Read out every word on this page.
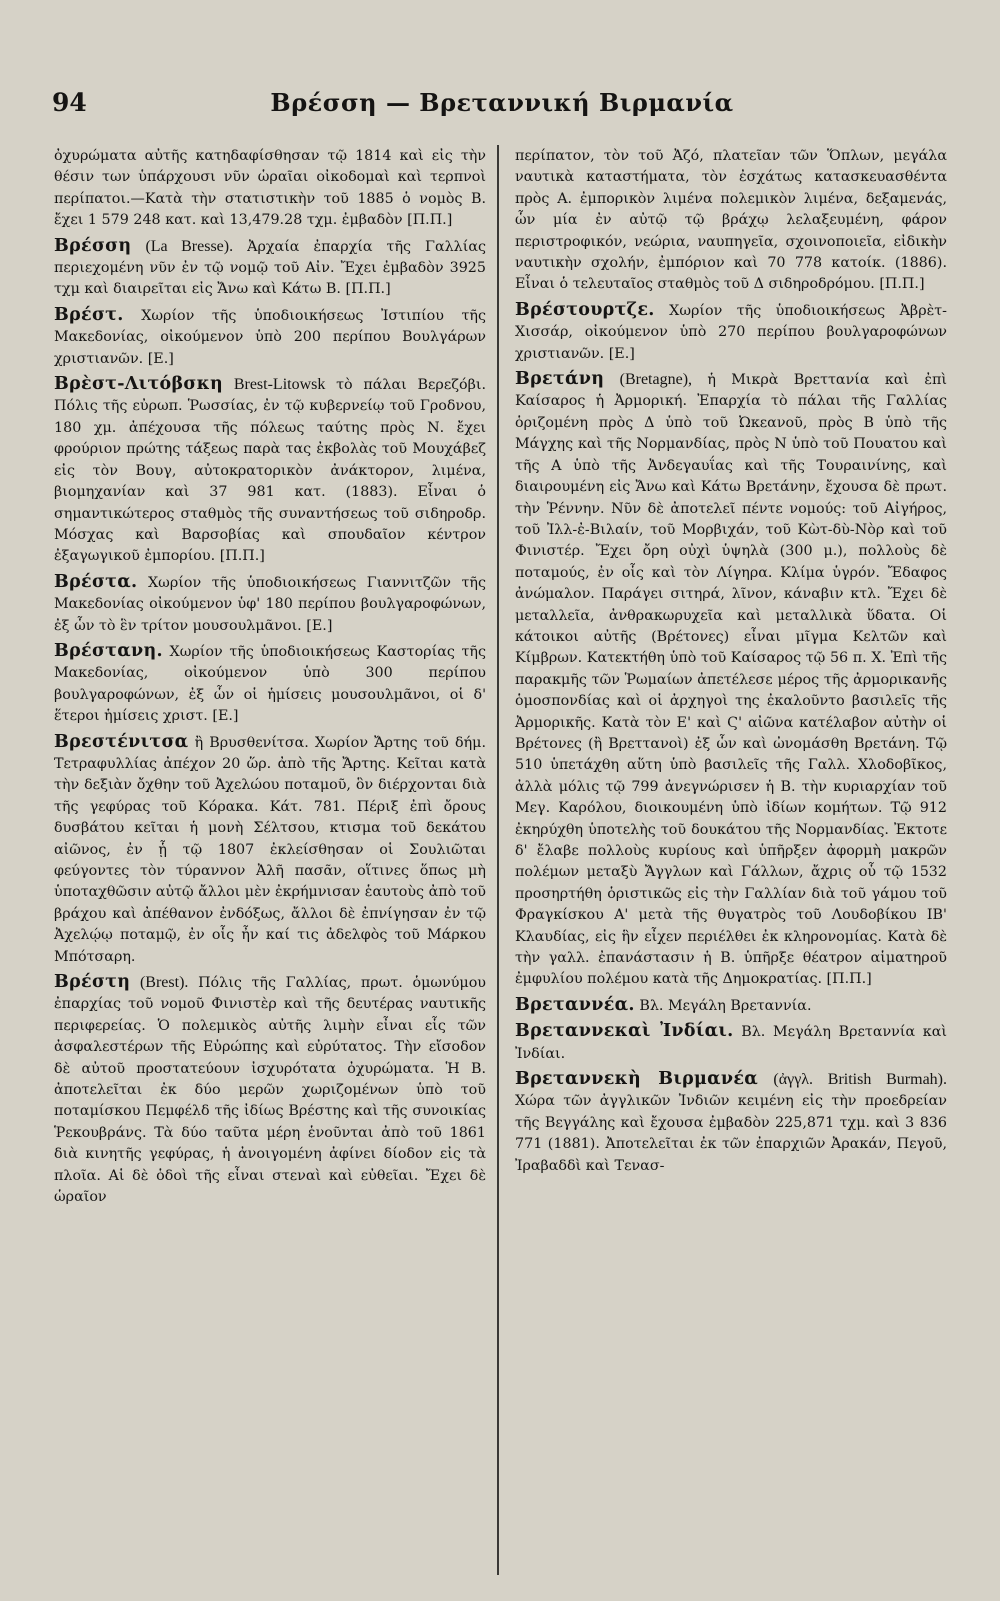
94	Βρέσση — Βρεταννική Βιρμανία

ὀχυρώματα αὐτῆς κατηδαφίσθησαν τῷ 1814 καὶ εἰς τὴν θέσιν των ὑπάρχουσι νῦν ὡραῖαι οἰκοδομαὶ καὶ τερπνοὶ περίπατοι.—Κατὰ τὴν στατιστικὴν τοῦ 1885 ὁ νομὸς Β. ἔχει 1 579 248 κατ. καὶ 13,479.28 τχμ. ἐμβαδὸν [Π.Π.]

Βρέσση (La Bresse). Ἀρχαία ἐπαρχία τῆς Γαλλίας περιεχομένη νῦν ἐν τῷ νομῷ τοῦ Αἰν. Ἔχει ἐμβαδὸν 3925 τχμ καὶ διαιρεῖται εἰς Ἄνω καὶ Κάτω Β. [Π.Π.]

Βρέστ. Χωρίον τῆς ὑποδιοικήσεως Ἰστιπίου τῆς Μακεδονίας, οἰκούμενον ὑπὸ 200 περίπου Βουλγάρων χριστιανῶν. [Ε.]

Βρὲστ-Λιτόβσκη Brest-Litowsk τὸ πάλαι Βερεζόβι. Πόλις τῆς εὐρωπ. Ῥωσσίας, ἐν τῷ κυβερνείῳ τοῦ Γροδνου, 180 χμ. ἀπέχουσα τῆς πόλεως ταύτης πρὸς Ν. ἔχει φρούριον πρώτης τάξεως παρὰ τας ἐκβολὰς τοῦ Μουχάβεζ εἰς τὸν Βουγ, αὐτοκρατορικὸν ἀνάκτορον, λιμένα, βιομηχανίαν καὶ 37 981 κατ. (1883). Εἶναι ὁ σημαντικώτερος σταθμὸς τῆς συναντήσεως τοῦ σιδηροδρ. Μόσχας καὶ Βαρσοβίας καὶ σπουδαῖον κέντρον ἐξαγωγικοῦ ἐμπορίου. [Π.Π.]

Βρέστα. Χωρίον τῆς ὑποδιοικήσεως Γιαννιτζῶν τῆς Μακεδονίας οἰκούμενον ὑφ' 180 περίπου βουλγαροφώνων, ἐξ ὧν τὸ ἓν τρίτον μουσουλμᾶνοι. [Ε.]

Βρέστανη. Χωρίον τῆς ὑποδιοικήσεως Καστορίας τῆς Μακεδονίας, οἰκούμενον ὑπὸ 300 περίπου βουλγαροφώνων, ἐξ ὧν οἱ ἡμίσεις μουσουλμᾶνοι, οἱ δ' ἕτεροι ἡμίσεις χριστ. [Ε.]

Βρεστένιτσα ἢ Βρυσθενίτσα. Χωρίον Ἄρτης τοῦ δήμ. Τετραφυλλίας ἀπέχον 20 ὥρ. ἀπὸ τῆς Ἄρτης. Κεῖται κατὰ τὴν δεξιὰν ὄχθην τοῦ Ἀχελώου ποταμοῦ, ὃν διέρχονται διὰ τῆς γεφύρας τοῦ Κόρακα. Κάτ. 781. Πέριξ ἐπὶ ὄρους δυσβάτου κεῖται ἡ μονὴ Σέλτσου, κτισμα τοῦ δεκάτου αἰῶνος, ἐν ᾗ τῷ 1807 ἐκλείσθησαν οἱ Σουλιῶται φεύγοντες τὸν τύραννον Ἀλῆ πασᾶν, οἵτινες ὅπως μὴ ὑποταχθῶσιν αὐτῷ ἄλλοι μὲν ἐκρήμνισαν ἑαυτοὺς ἀπὸ τοῦ βράχου καὶ ἀπέθανον ἐνδόξως, ἄλλοι δὲ ἐπνίγησαν ἐν τῷ Ἀχελῴῳ ποταμῷ, ἐν οἷς ἦν καί τις ἀδελφὸς τοῦ Μάρκου Μπότσαρη.

Βρέστη (Brest). Πόλις τῆς Γαλλίας, πρωτ. ὁμωνύμου ἐπαρχίας τοῦ νομοῦ Φινιστὲρ καὶ τῆς δευτέρας ναυτικῆς περιφερείας. Ὁ πολεμικὸς αὐτῆς λιμὴν εἶναι εἷς τῶν ἀσφαλεστέρων τῆς Εὐρώπης καὶ εὐρύτατος. Τὴν εἴσοδον δὲ αὐτοῦ προστατεύουν ἰσχυρότατα ὀχυρώματα. Ἡ Β. ἀποτελεῖται ἐκ δύο μερῶν χωριζομένων ὑπὸ τοῦ ποταμίσκου Πεμφέλδ τῆς ἰδίως Βρέστης καὶ τῆς συνοικίας Ῥεκουβράνς. Τὰ δύο ταῦτα μέρη ἑνοῦνται ἀπὸ τοῦ 1861 διὰ κινητῆς γεφύρας, ἡ ἀνοιγομένη ἀφίνει δίοδον εἰς τὰ πλοῖα. Αἱ δὲ ὁδοὶ τῆς εἶναι στεναὶ καὶ εὐθεῖαι. Ἔχει δὲ ὡραῖον

περίπατον, τὸν τοῦ Ἀζό, πλατεῖαν τῶν Ὅπλων, μεγάλα ναυτικὰ καταστήματα, τὸν ἐσχάτως κατασκευασθέντα πρὸς Α. ἐμπορικὸν λιμένα πολεμικὸν λιμένα, δεξαμενάς, ὧν μία ἐν αὐτῷ τῷ βράχῳ λελαξευμένη, φάρον περιστροφικόν, νεώρια, ναυπηγεῖα, σχοινοποιεῖα, εἰδικὴν ναυτικὴν σχολήν, ἐμπόριον καὶ 70 778 κατοίκ. (1886). Εἶναι ὁ τελευταῖος σταθμὸς τοῦ Δ σιδηροδρόμου. [Π.Π.]

Βρέστουρτζε. Χωρίον τῆς ὑποδιοικήσεως Ἀβρὲτ-Χισσάρ, οἰκούμενον ὑπὸ 270 περίπου βουλγαροφώνων χριστιανῶν. [Ε.]

Βρετάνη (Bretagne), ἡ Μικρὰ Βρεττανία καὶ ἐπὶ Καίσαρος ἡ Ἀρμορική. Ἐπαρχία τὸ πάλαι τῆς Γαλλίας ὁριζομένη πρὸς Δ ὑπὸ τοῦ Ὠκεανοῦ, πρὸς Β ὑπὸ τῆς Μάγχης καὶ τῆς Νορμανδίας, πρὸς Ν ὑπὸ τοῦ Πουατου καὶ τῆς Α ὑπὸ τῆς Ἀνδεγαυΐας καὶ τῆς Τουραινίνης, καὶ διαιρουμένη εἰς Ἄνω καὶ Κάτω Βρετάνην, ἔχουσα δὲ πρωτ. τὴν Ῥέννην. Νῦν δὲ ἀποτελεῖ πέντε νομούς: τοῦ Αἰγήρος, τοῦ Ἰλλ-ἐ-Βιλαίν, τοῦ Μορβιχάν, τοῦ Κὼτ-δὺ-Νὸρ καὶ τοῦ Φινιστέρ. Ἔχει ὄρη οὐχὶ ὑψηλὰ (300 μ.), πολλοὺς δὲ ποταμούς, ἐν οἷς καὶ τὸν Λίγηρα. Κλίμα ὑγρόν. Ἔδαφος ἀνώμαλον. Παράγει σιτηρά, λῖνον, κάναβιν κτλ. Ἔχει δὲ μεταλλεῖα, ἀνθρακωρυχεῖα καὶ μεταλλικὰ ὕδατα. Οἱ κάτοικοι αὐτῆς (Βρέτονες) εἶναι μῖγμα Κελτῶν καὶ Κίμβρων. Κατεκτήθη ὑπὸ τοῦ Καίσαρος τῷ 56 π. Χ. Ἐπὶ τῆς παρακμῆς τῶν Ῥωμαίων ἀπετέλεσε μέρος τῆς ἀρμορικανῆς ὁμοσπονδίας καὶ οἱ ἀρχηγοὶ της ἐκαλοῦντο βασιλεῖς τῆς Ἀρμορικῆς. Κατὰ τὸν Ε' καὶ Ϛ' αἰῶνα κατέλαβον αὐτὴν οἱ Βρέτονες (ἢ Βρεττανοὶ) ἐξ ὧν καὶ ὠνομάσθη Βρετάνη. Τῷ 510 ὑπετάχθη αὕτη ὑπὸ βασιλεῖς τῆς Γαλλ. Χλοδοβῖκος, ἀλλὰ μόλις τῷ 799 ἀνεγνώρισεν ἡ Β. τὴν κυριαρχίαν τοῦ Μεγ. Καρόλου, διοικουμένη ὑπὸ ἰδίων κομήτων. Τῷ 912 ἐκηρύχθη ὑποτελὴς τοῦ δουκάτου τῆς Νορμανδίας. Ἐκτοτε δ' ἔλαβε πολλοὺς κυρίους καὶ ὑπῆρξεν ἀφορμὴ μακρῶν πολέμων μεταξὺ Ἄγγλων καὶ Γάλλων, ἄχρις οὗ τῷ 1532 προσηρτήθη ὁριστικῶς εἰς τὴν Γαλλίαν διὰ τοῦ γάμου τοῦ Φραγκίσκου Α' μετὰ τῆς θυγατρὸς τοῦ Λουδοβίκου ΙΒ' Κλαυδίας, εἰς ἣν εἶχεν περιέλθει ἐκ κληρονομίας. Κατὰ δὲ τὴν γαλλ. ἐπανάστασιν ἡ Β. ὑπῆρξε θέατρον αἱματηροῦ ἐμφυλίου πολέμου κατὰ τῆς Δημοκρατίας. [Π.Π.]

Βρεταννέα. Βλ. Μεγάλη Βρεταννία.

Βρεταννεκαὶ Ἰνδίαι. Βλ. Μεγάλη Βρεταννία καὶ Ἰνδίαι.

Βρεταννεκὴ Βιρμανέα (ἀγγλ. British Burmah). Χώρα τῶν ἀγγλικῶν Ἰνδιῶν κειμένη εἰς τὴν προεδρείαν τῆς Βεγγάλης καὶ ἔχουσα ἐμβαδὸν 225,871 τχμ. καὶ 3 836 771 (1881). Ἀποτελεῖται ἐκ τῶν ἐπαρχιῶν Ἀρακάν, Πεγοῦ, Ἰραβαδδὶ καὶ Τενασ-
